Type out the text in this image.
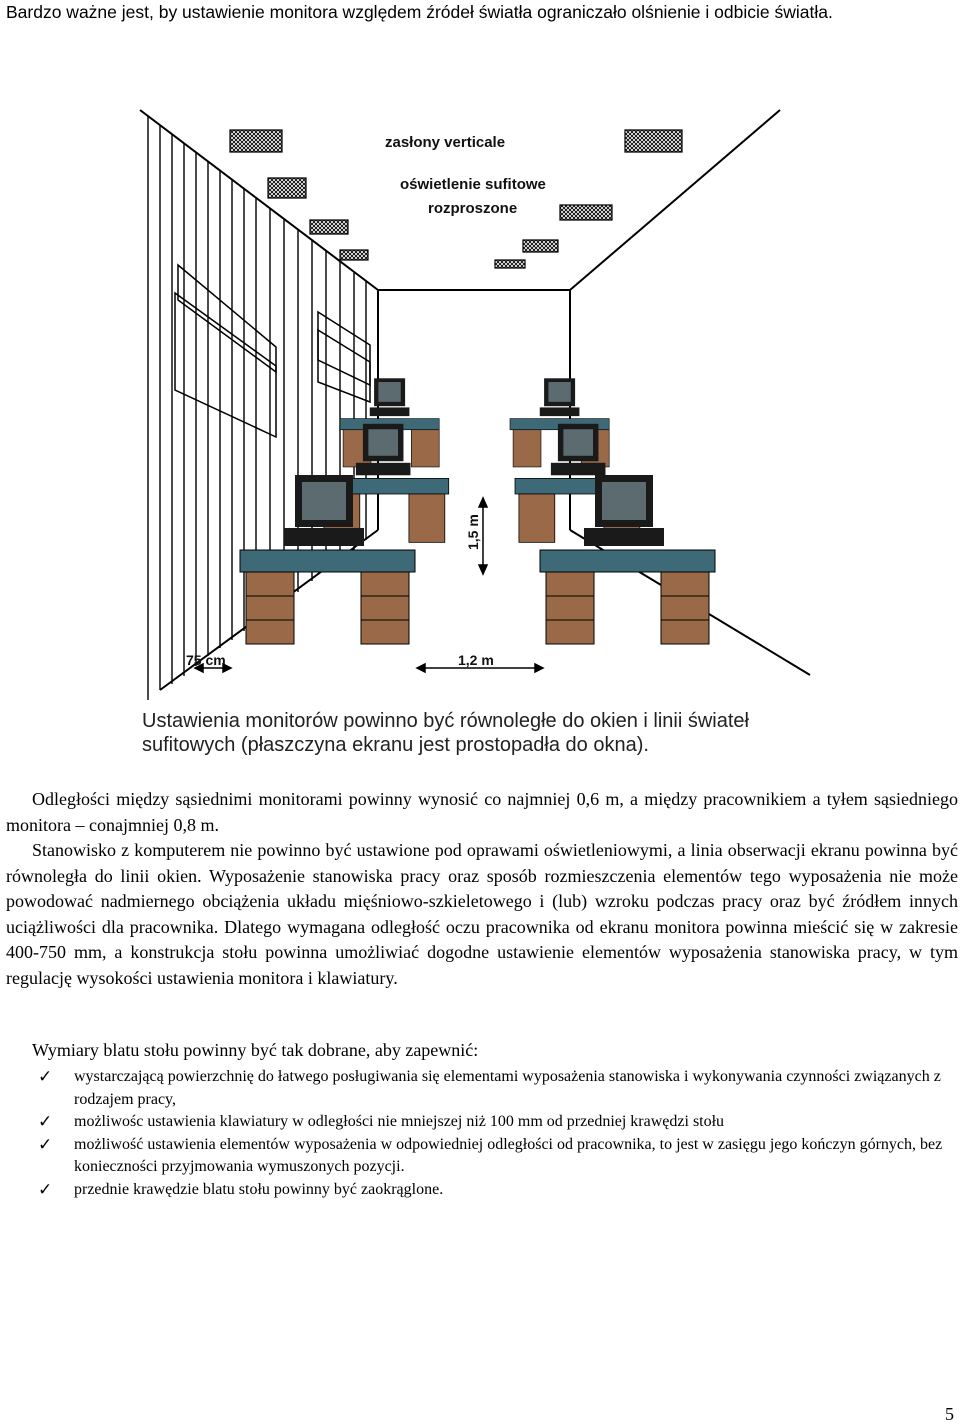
Bardzo ważne jest, by ustawienie monitora względem źródeł światła ograniczało olśnienie i odbicie światła.
zasłony verticale
oświetlenie sufitowe
rozproszone
1,5 m
75 cm	1,2 m
Ustawienia monitorów powinno być równoległe do okien i linii świateł
sufitowych (płaszczyna ekranu jest prostopadła do okna).

Odległości między sąsiednimi monitorami powinny wynosić co najmniej 0,6 m, a między pracownikiem a tyłem sąsiedniego monitora – conajmniej 0,8 m.

Stanowisko z komputerem nie powinno być ustawione pod oprawami oświetleniowymi, a linia obserwacji ekranu powinna być równoległa do linii okien. Wyposażenie stanowiska pracy oraz sposób rozmieszczenia elementów tego wyposażenia nie może powodować nadmiernego obciążenia układu mięśniowo-szkieletowego i (lub) wzroku podczas pracy oraz być źródłem innych uciążliwości dla pracownika. Dlatego wymagana odległość oczu pracownika od ekranu monitora powinna mieścić się w zakresie 400-750 mm, a konstrukcja stołu powinna umożliwiać dogodne ustawienie elementów wyposażenia stanowiska pracy, w tym regulację wysokości ustawienia monitora i klawiatury.

Wymiary blatu stołu powinny być tak dobrane, aby zapewnić:
✓ wystarczającą powierzchnię do łatwego posługiwania się elementami wyposażenia stanowiska i wykonywania czynności związanych z rodzajem pracy,
✓ możliwośc ustawienia klawiatury w odległości nie mniejszej niż 100 mm od przedniej krawędzi stołu
✓ możliwość ustawienia elementów wyposażenia w odpowiedniej odległości od pracownika, to jest w zasięgu jego kończyn górnych, bez konieczności przyjmowania wymuszonych pozycji.
✓ przednie krawędzie blatu stołu powinny być zaokrąglone.
5
